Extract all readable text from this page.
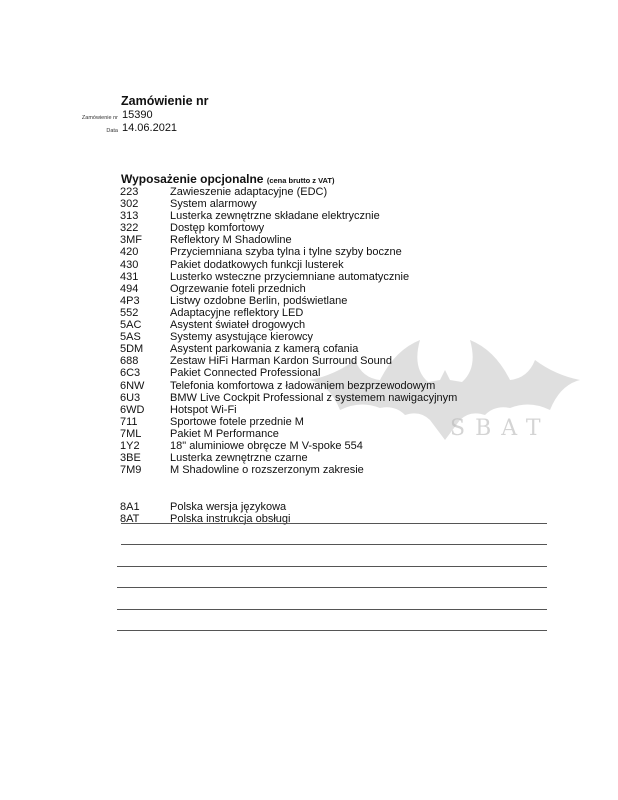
SBAT
Zamówienie nr
Zamówienie nr 15390
Data 14.06.2021
Wyposażenie opcjonalne (cena brutto z VAT)
223	Zawieszenie adaptacyjne (EDC)
302	System alarmowy
313	Lusterka zewnętrzne składane elektrycznie
322	Dostęp komfortowy
3MF	Reflektory M Shadowline
420	Przyciemniana szyba tylna i tylne szyby boczne
430	Pakiet dodatkowych funkcji lusterek
431	Lusterko wsteczne przyciemniane automatycznie
494	Ogrzewanie foteli przednich
4P3	Listwy ozdobne Berlin, podświetlane
552	Adaptacyjne reflektory LED
5AC	Asystent świateł drogowych
5AS	Systemy asystujące kierowcy
5DM	Asystent parkowania z kamerą cofania
688	Zestaw HiFi Harman Kardon Surround Sound
6C3	Pakiet Connected Professional
6NW	Telefonia komfortowa z ładowaniem bezprzewodowym
6U3	BMW Live Cockpit Professional z systemem nawigacyjnym
6WD	Hotspot Wi-Fi
711	Sportowe fotele przednie M
7ML	Pakiet M Performance
1Y2	18" aluminiowe obręcze M V-spoke 554
3BE	Lusterka zewnętrzne czarne
7M9	M Shadowline o rozszerzonym zakresie
8A1	Polska wersja językowa
8AT	Polska instrukcja obsługi
